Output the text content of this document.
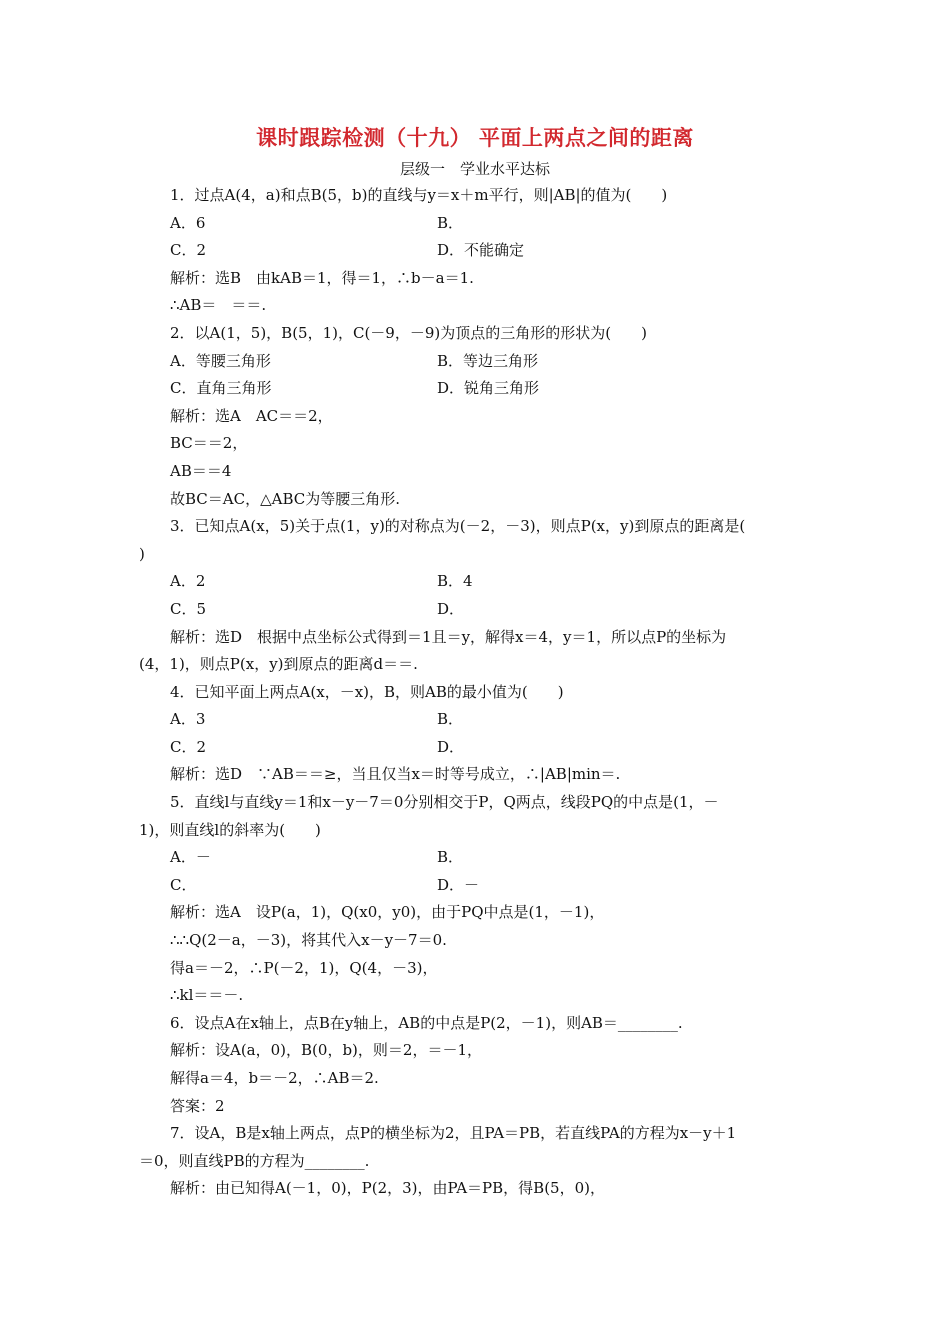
课时跟踪检测（十九） 平面上两点之间的距离
层级一　学业水平达标
1．过点A(4，a)和点B(5，b)的直线与y＝x＋m平行，则|AB|的值为(　　)
A．6	B．
C．2	D．不能确定
解析：选B　由kAB＝1，得＝1，∴b－a＝1.
∴AB＝　＝＝.
2．以A(1，5)，B(5，1)，C(－9，－9)为顶点的三角形的形状为(　　)
A．等腰三角形	B．等边三角形
C．直角三角形	D．锐角三角形
解析：选A　AC＝＝2，
BC＝＝2，
AB＝＝4
故BC＝AC，△ABC为等腰三角形.
3．已知点A(x，5)关于点(1，y)的对称点为(－2，－3)，则点P(x，y)到原点的距离是(
)
A．2	B．4
C．5	D．
解析：选D　根据中点坐标公式得到＝1且＝y，解得x＝4，y＝1，所以点P的坐标为
(4，1)，则点P(x，y)到原点的距离d＝＝.
4．已知平面上两点A(x，－x)，B，则AB的最小值为(　　)
A．3	B．
C．2	D．
解析：选D　∵AB＝＝≥，当且仅当x＝时等号成立，∴|AB|min＝.
5．直线l与直线y＝1和x－y－7＝0分别相交于P，Q两点，线段PQ的中点是(1，－
1)，则直线l的斜率为(　　)
A．－	B．
C．	D．－
解析：选A　设P(a，1)，Q(x0，y0)，由于PQ中点是(1，－1)，
∴∴Q(2－a，－3)，将其代入x－y－7＝0.
得a＝－2，∴P(－2，1)，Q(4，－3)，
∴kl＝＝－.
6．设点A在x轴上，点B在y轴上，AB的中点是P(2，－1)，则AB＝________.
解析：设A(a，0)，B(0，b)，则＝2，＝－1，
解得a＝4，b＝－2，∴AB＝2.
答案：2
7．设A，B是x轴上两点，点P的横坐标为2，且PA＝PB，若直线PA的方程为x－y＋1
＝0，则直线PB的方程为________.
解析：由已知得A(－1，0)，P(2，3)，由PA＝PB，得B(5，0)，
